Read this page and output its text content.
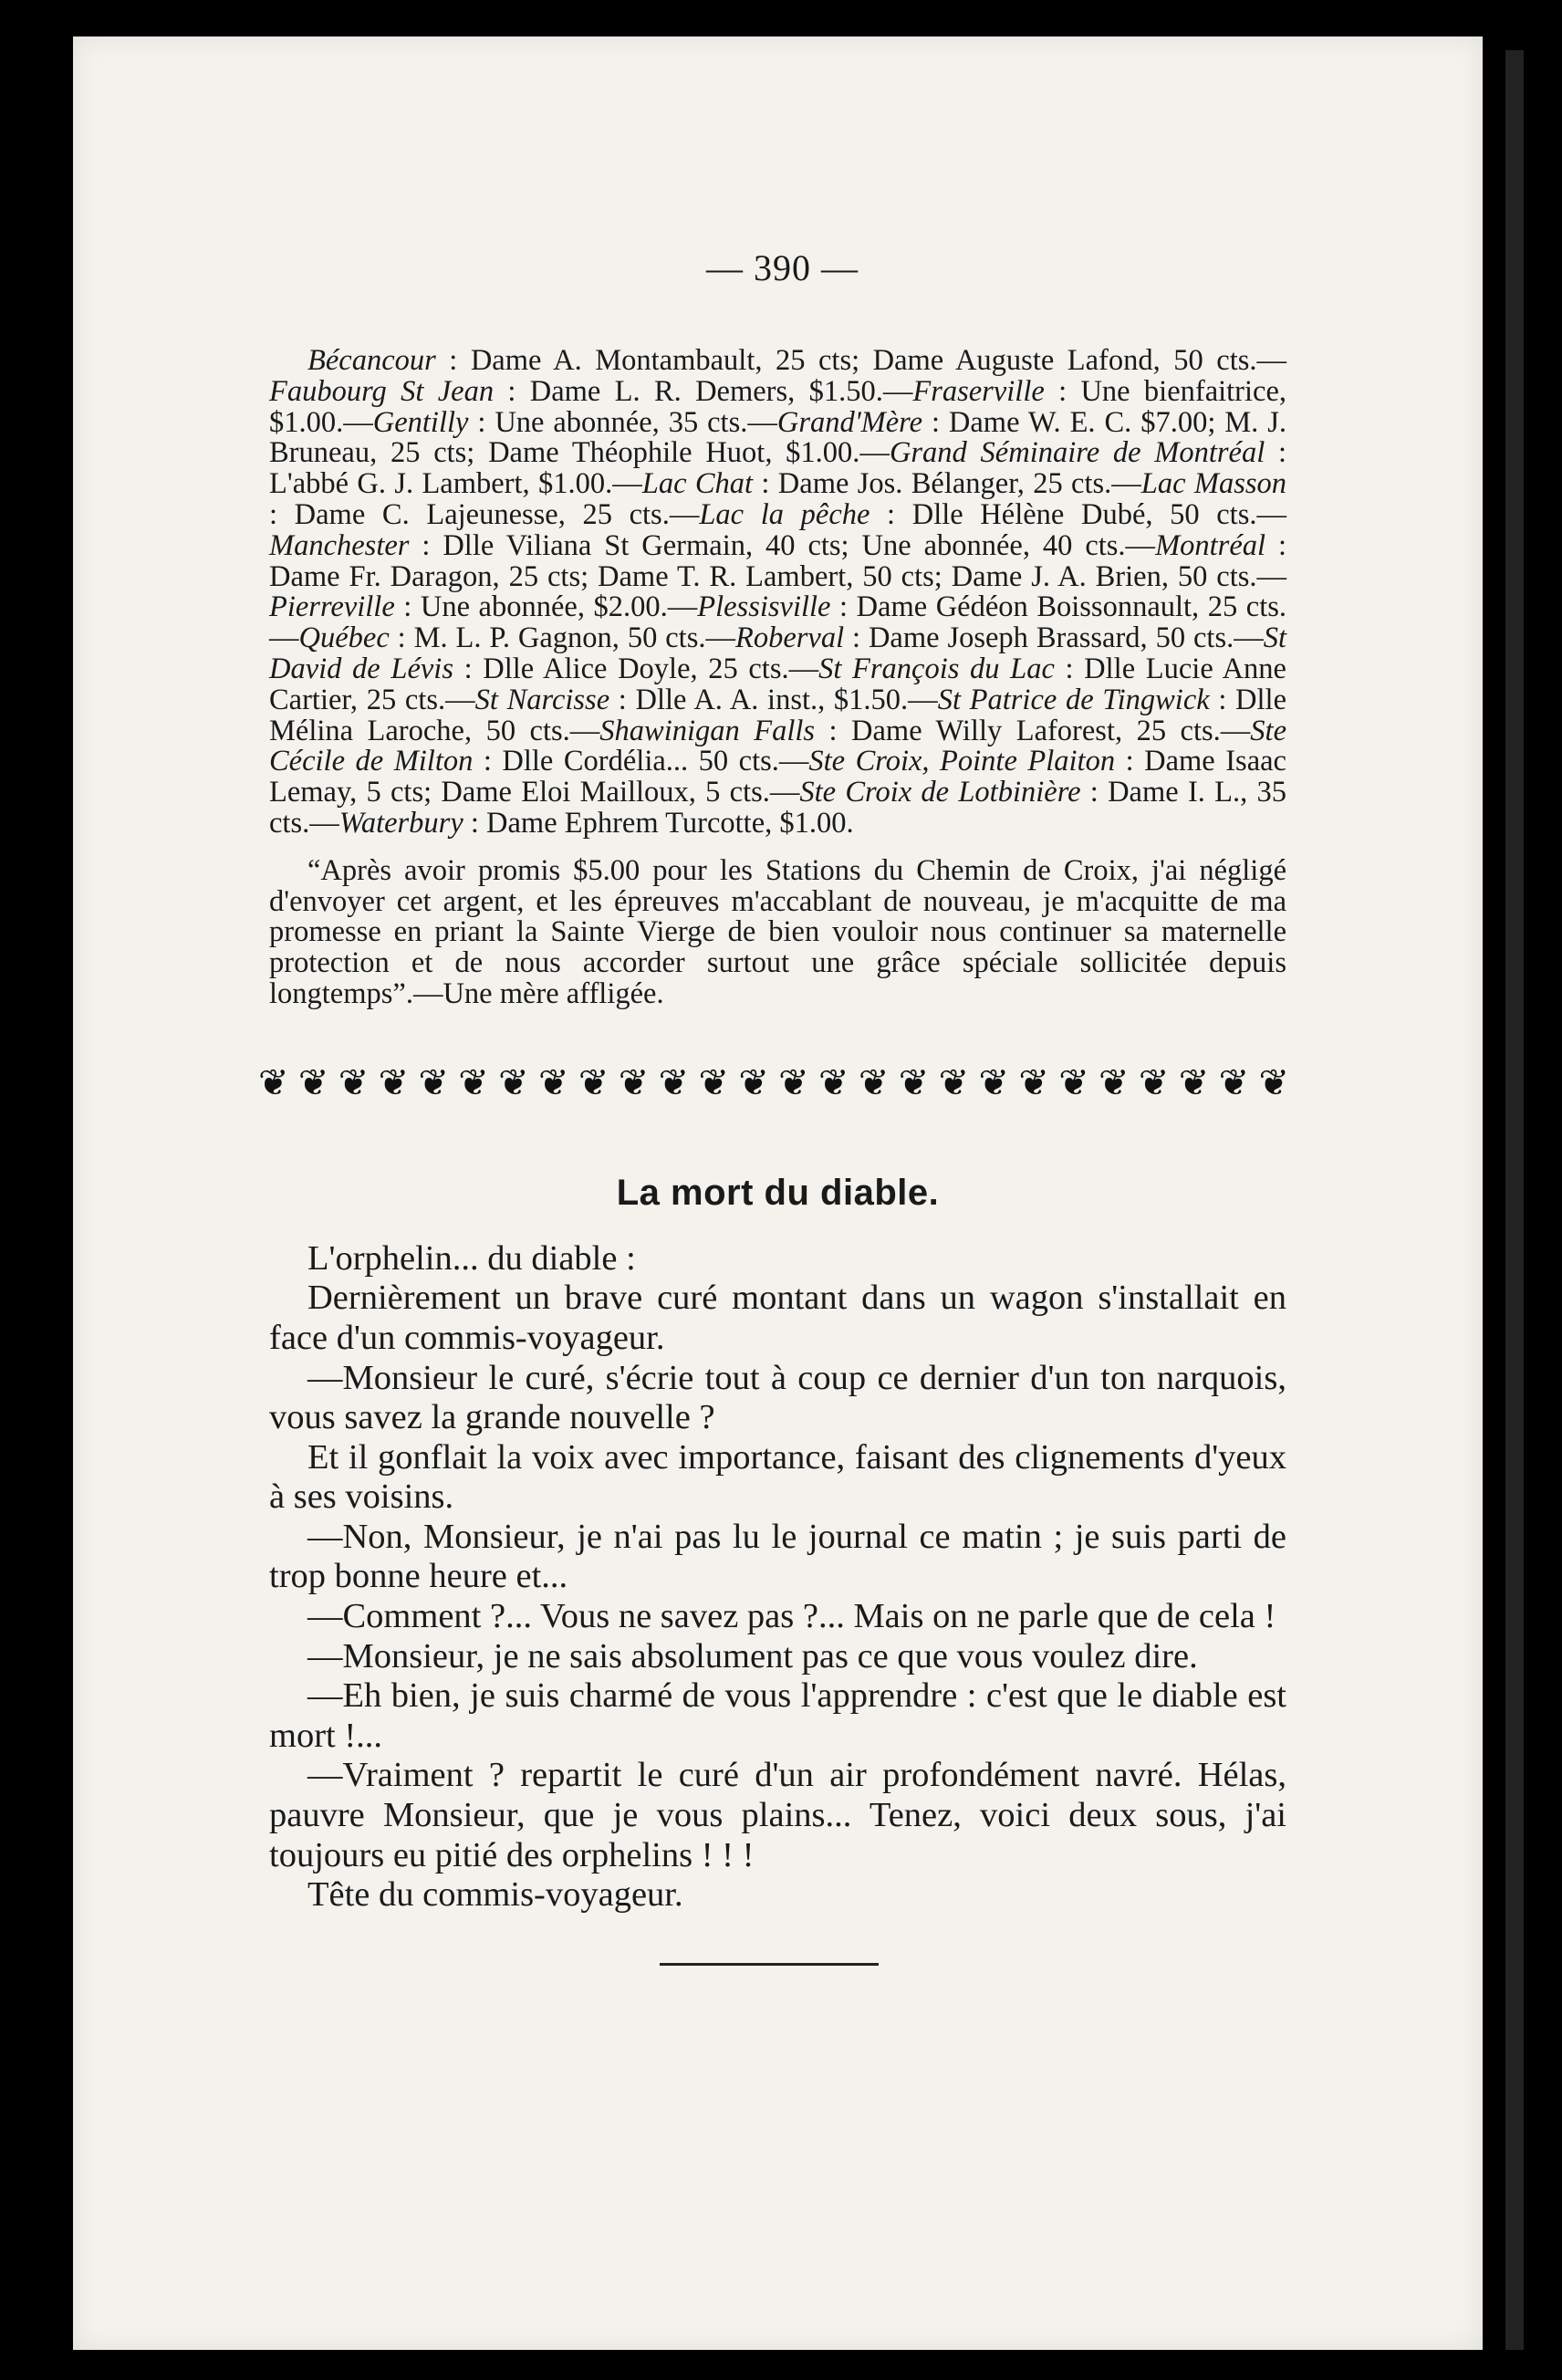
— 390 —

Bécancour : Dame A. Montambault, 25 cts; Dame Auguste Lafond, 50 cts.—Faubourg St Jean : Dame L. R. Demers, $1.50.—Fraserville : Une bienfaitrice, $1.00.—Gentilly : Une abonnée, 35 cts.—Grand'Mère : Dame W. E. C. $7.00; M. J. Bruneau, 25 cts; Dame Théophile Huot, $1.00.—Grand Séminaire de Montréal : L'abbé G. J. Lambert, $1.00.—Lac Chat : Dame Jos. Bélanger, 25 cts.—Lac Masson : Dame C. Lajeunesse, 25 cts.—Lac la pêche : Dlle Hélène Dubé, 50 cts.—Manchester : Dlle Viliana St Germain, 40 cts; Une abonnée, 40 cts.—Montréal : Dame Fr. Daragon, 25 cts; Dame T. R. Lambert, 50 cts; Dame J. A. Brien, 50 cts.—Pierreville : Une abonnée, $2.00.—Plessisville : Dame Gédéon Boissonnault, 25 cts.—Québec : M. L. P. Gagnon, 50 cts.—Roberval : Dame Joseph Brassard, 50 cts.—St David de Lévis : Dlle Alice Doyle, 25 cts.—St François du Lac : Dlle Lucie Anne Cartier, 25 cts.—St Narcisse : Dlle A. A. inst., $1.50.—St Patrice de Tingwick : Dlle Mélina Laroche, 50 cts.—Shawinigan Falls : Dame Willy Laforest, 25 cts.—Ste Cécile de Milton : Dlle Cordélia... 50 cts.—Ste Croix, Pointe Plaiton : Dame Isaac Lemay, 5 cts; Dame Eloi Mailloux, 5 cts.—Ste Croix de Lotbinière : Dame I. L., 35 cts.—Waterbury : Dame Ephrem Turcotte, $1.00.

“Après avoir promis $5.00 pour les Stations du Chemin de Croix, j'ai négligé d'envoyer cet argent, et les épreuves m'accablant de nouveau, je m'acquitte de ma promesse en priant la Sainte Vierge de bien vouloir nous continuer sa maternelle protection et de nous accorder surtout une grâce spéciale sollicitée depuis longtemps”.—Une mère affligée.

❦ ❦ ❦ ❦ ❦ ❦ ❦ ❦ ❦ ❦ ❦ ❦ ❦ ❦ ❦ ❦ ❦ ❦ ❦ ❦ ❦ ❦ ❦ ❦ ❦ ❦
La mort du diable.

L'orphelin... du diable :

Dernièrement un brave curé montant dans un wagon s'installait en face d'un commis-voyageur.

—Monsieur le curé, s'écrie tout à coup ce dernier d'un ton narquois, vous savez la grande nouvelle ?

Et il gonflait la voix avec importance, faisant des clignements d'yeux à ses voisins.

—Non, Monsieur, je n'ai pas lu le journal ce matin ; je suis parti de trop bonne heure et...

—Comment ?... Vous ne savez pas ?... Mais on ne parle que de cela !

—Monsieur, je ne sais absolument pas ce que vous voulez dire.

—Eh bien, je suis charmé de vous l'apprendre : c'est que le diable est mort !...

—Vraiment ? repartit le curé d'un air profondément navré. Hélas, pauvre Monsieur, que je vous plains... Tenez, voici deux sous, j'ai toujours eu pitié des orphelins ! ! !

Tête du commis-voyageur.
